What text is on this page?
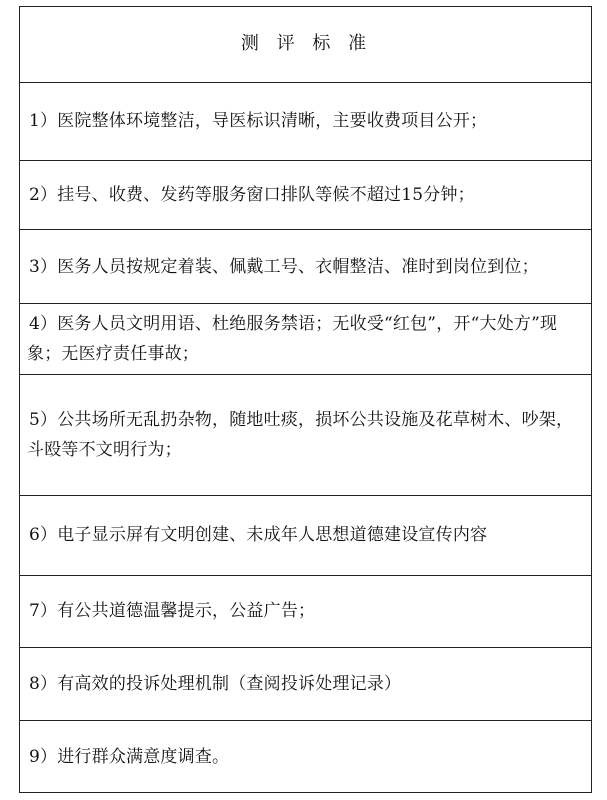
测 评 标 准
1）医院整体环境整洁，导医标识清晰，主要收费项目公开；
2）挂号、收费、发药等服务窗口排队等候不超过15分钟；
3）医务人员按规定着装、佩戴工号、衣帽整洁、准时到岗位到位；
4）医务人员文明用语、杜绝服务禁语；无收受“红包”，开“大处方”现象；无医疗责任事故；
5）公共场所无乱扔杂物，随地吐痰，损坏公共设施及花草树木、吵架，斗殴等不文明行为；
6）电子显示屏有文明创建、未成年人思想道德建设宣传内容
7）有公共道德温馨提示，公益广告；
8）有高效的投诉处理机制（查阅投诉处理记录）
9）进行群众满意度调查。
